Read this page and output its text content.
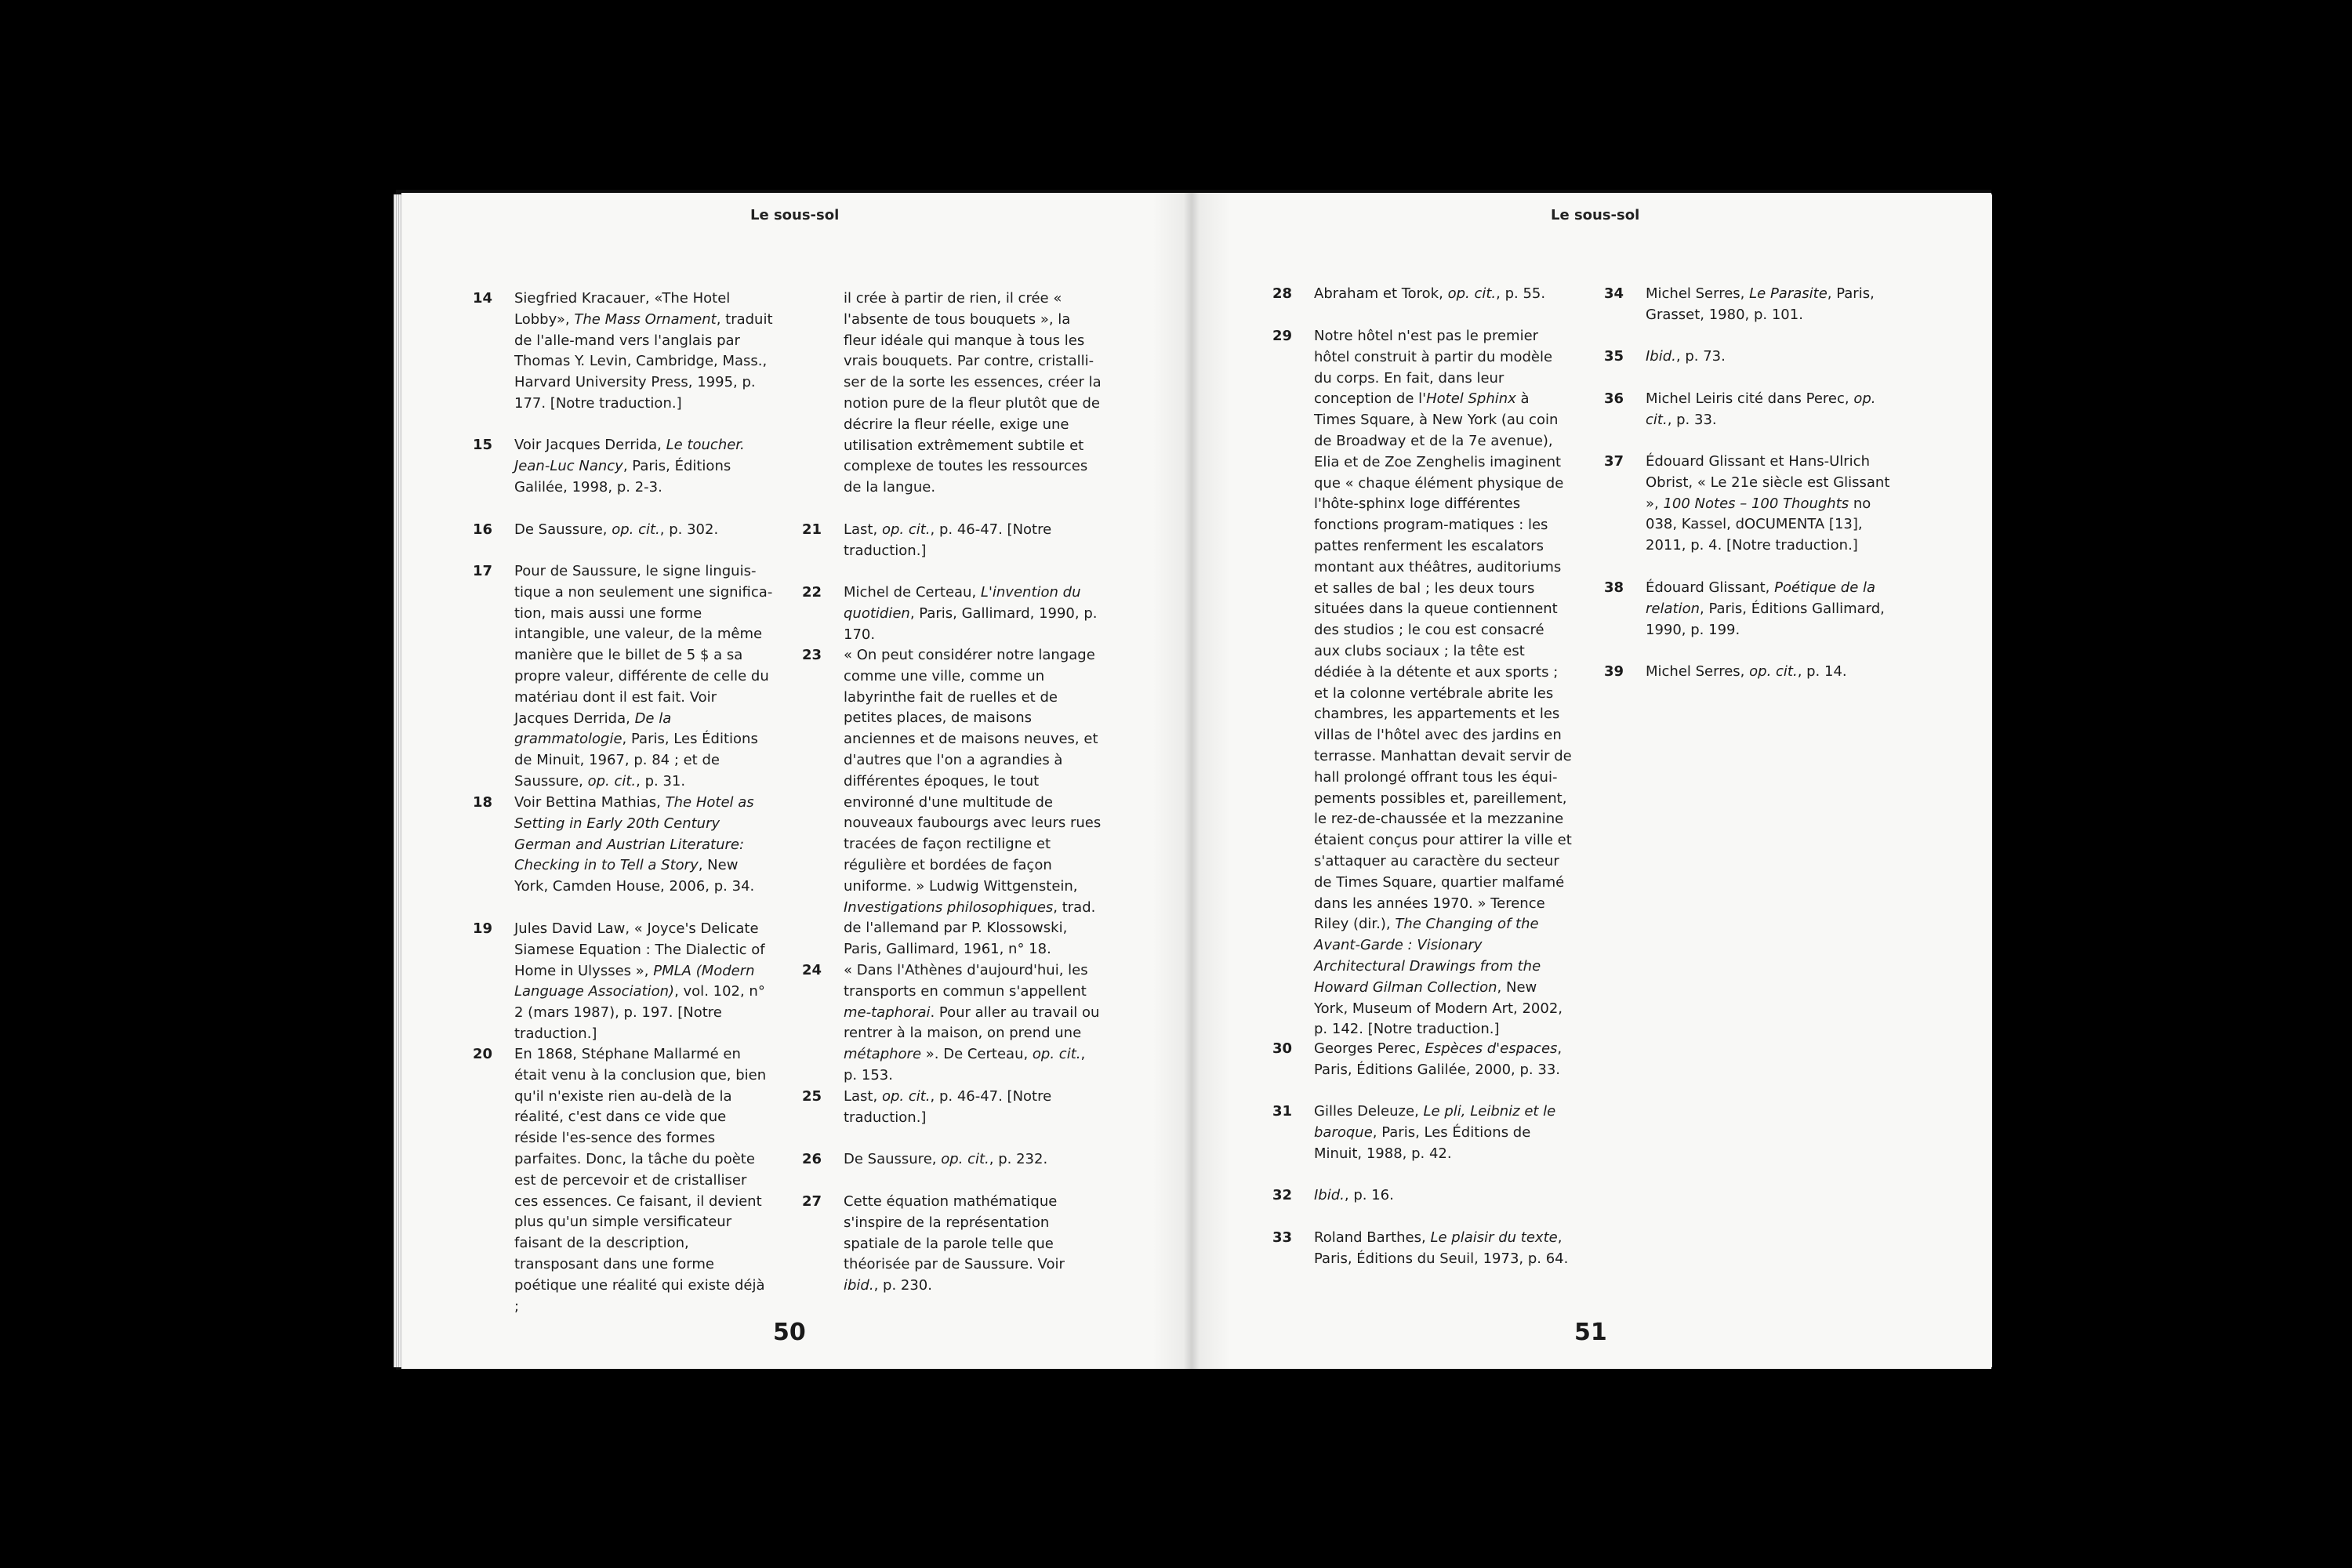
Le sous-sol	Le sous-sol
14 Siegfried Kracauer, «The Hotel Lobby», The Mass Ornament, traduit de l'alle-mand vers l'anglais par Thomas Y. Levin, Cambridge, Mass., Harvard University Press, 1995, p. 177. [Notre traduction.]
15 Voir Jacques Derrida, Le toucher. Jean-Luc Nancy, Paris, Éditions Galilée, 1998, p. 2-3.
16 De Saussure, op. cit., p. 302.
17 Pour de Saussure, le signe linguis-tique a non seulement une significa-tion, mais aussi une forme intangible, une valeur, de la même manière que le billet de 5 $ a sa propre valeur, différente de celle du matériau dont il est fait. Voir Jacques Derrida, De la grammatologie, Paris, Les Éditions de Minuit, 1967, p. 84 ; et de Saussure, op. cit., p. 31.
18 Voir Bettina Mathias, The Hotel as Setting in Early 20th Century German and Austrian Literature: Checking in to Tell a Story, New York, Camden House, 2006, p. 34.
19 Jules David Law, « Joyce's Delicate Siamese Equation : The Dialectic of Home in Ulysses », PMLA (Modern Language Association), vol. 102, n° 2 (mars 1987), p. 197. [Notre traduction.]
20 En 1868, Stéphane Mallarmé en était venu à la conclusion que, bien qu'il n'existe rien au-delà de la réalité, c'est dans ce vide que réside l'es-sence des formes parfaites. Donc, la tâche du poète est de percevoir et de cristalliser ces essences. Ce faisant, il devient plus qu'un simple versificateur faisant de la description, transposant dans une forme poétique une réalité qui existe déjà ;
il crée à partir de rien, il crée « l'absente de tous bouquets », la fleur idéale qui manque à tous les vrais bouquets. Par contre, cristalli-ser de la sorte les essences, créer la notion pure de la fleur plutôt que de décrire la fleur réelle, exige une utilisation extrêmement subtile et complexe de toutes les ressources de la langue.
21 Last, op. cit., p. 46-47. [Notre traduction.]
22 Michel de Certeau, L'invention du quotidien, Paris, Gallimard, 1990, p. 170.
23 « On peut considérer notre langage comme une ville, comme un labyrinthe fait de ruelles et de petites places, de maisons anciennes et de maisons neuves, et d'autres que l'on a agrandies à différentes époques, le tout environné d'une multitude de nouveaux faubourgs avec leurs rues tracées de façon rectiligne et régulière et bordées de façon uniforme. » Ludwig Wittgenstein, Investigations philosophiques, trad. de l'allemand par P. Klossowski, Paris, Gallimard, 1961, n° 18.
24 « Dans l'Athènes d'aujourd'hui, les transports en commun s'appellent me-taphorai. Pour aller au travail ou rentrer à la maison, on prend une métaphore ». De Certeau, op. cit., p. 153.
25 Last, op. cit., p. 46-47. [Notre traduction.]
26 De Saussure, op. cit., p. 232.
27 Cette équation mathématique s'inspire de la représentation spatiale de la parole telle que théorisée par de Saussure. Voir ibid., p. 230.
28 Abraham et Torok, op. cit., p. 55.
29 Notre hôtel n'est pas le premier hôtel construit à partir du modèle du corps. En fait, dans leur conception de l'Hotel Sphinx à Times Square, à New York (au coin de Broadway et de la 7e avenue), Elia et de Zoe Zenghelis imaginent que « chaque élément physique de l'hôte-sphinx loge différentes fonctions program-matiques : les pattes renferment les escalators montant aux théâtres, auditoriums et salles de bal ; les deux tours situées dans la queue contiennent des studios ; le cou est consacré aux clubs sociaux ; la tête est dédiée à la détente et aux sports ; et la colonne vertébrale abrite les chambres, les appartements et les villas de l'hôtel avec des jardins en terrasse. Manhattan devait servir de hall prolongé offrant tous les équi-pements possibles et, pareillement, le rez-de-chaussée et la mezzanine étaient conçus pour attirer la ville et s'attaquer au caractère du secteur de Times Square, quartier malfamé dans les années 1970. » Terence Riley (dir.), The Changing of the Avant-Garde : Visionary Architectural Drawings from the Howard Gilman Collection, New York, Museum of Modern Art, 2002, p. 142. [Notre traduction.]
30 Georges Perec, Espèces d'espaces, Paris, Éditions Galilée, 2000, p. 33.
31 Gilles Deleuze, Le pli, Leibniz et le baroque, Paris, Les Éditions de Minuit, 1988, p. 42.
32 Ibid., p. 16.
33 Roland Barthes, Le plaisir du texte, Paris, Éditions du Seuil, 1973, p. 64.
34 Michel Serres, Le Parasite, Paris, Grasset, 1980, p. 101.
35 Ibid., p. 73.
36 Michel Leiris cité dans Perec, op. cit., p. 33.
37 Édouard Glissant et Hans-Ulrich Obrist, « Le 21e siècle est Glissant », 100 Notes – 100 Thoughts no 038, Kassel, dOCUMENTA [13], 2011, p. 4. [Notre traduction.]
38 Édouard Glissant, Poétique de la relation, Paris, Éditions Gallimard, 1990, p. 199.
39 Michel Serres, op. cit., p. 14.
50	51
